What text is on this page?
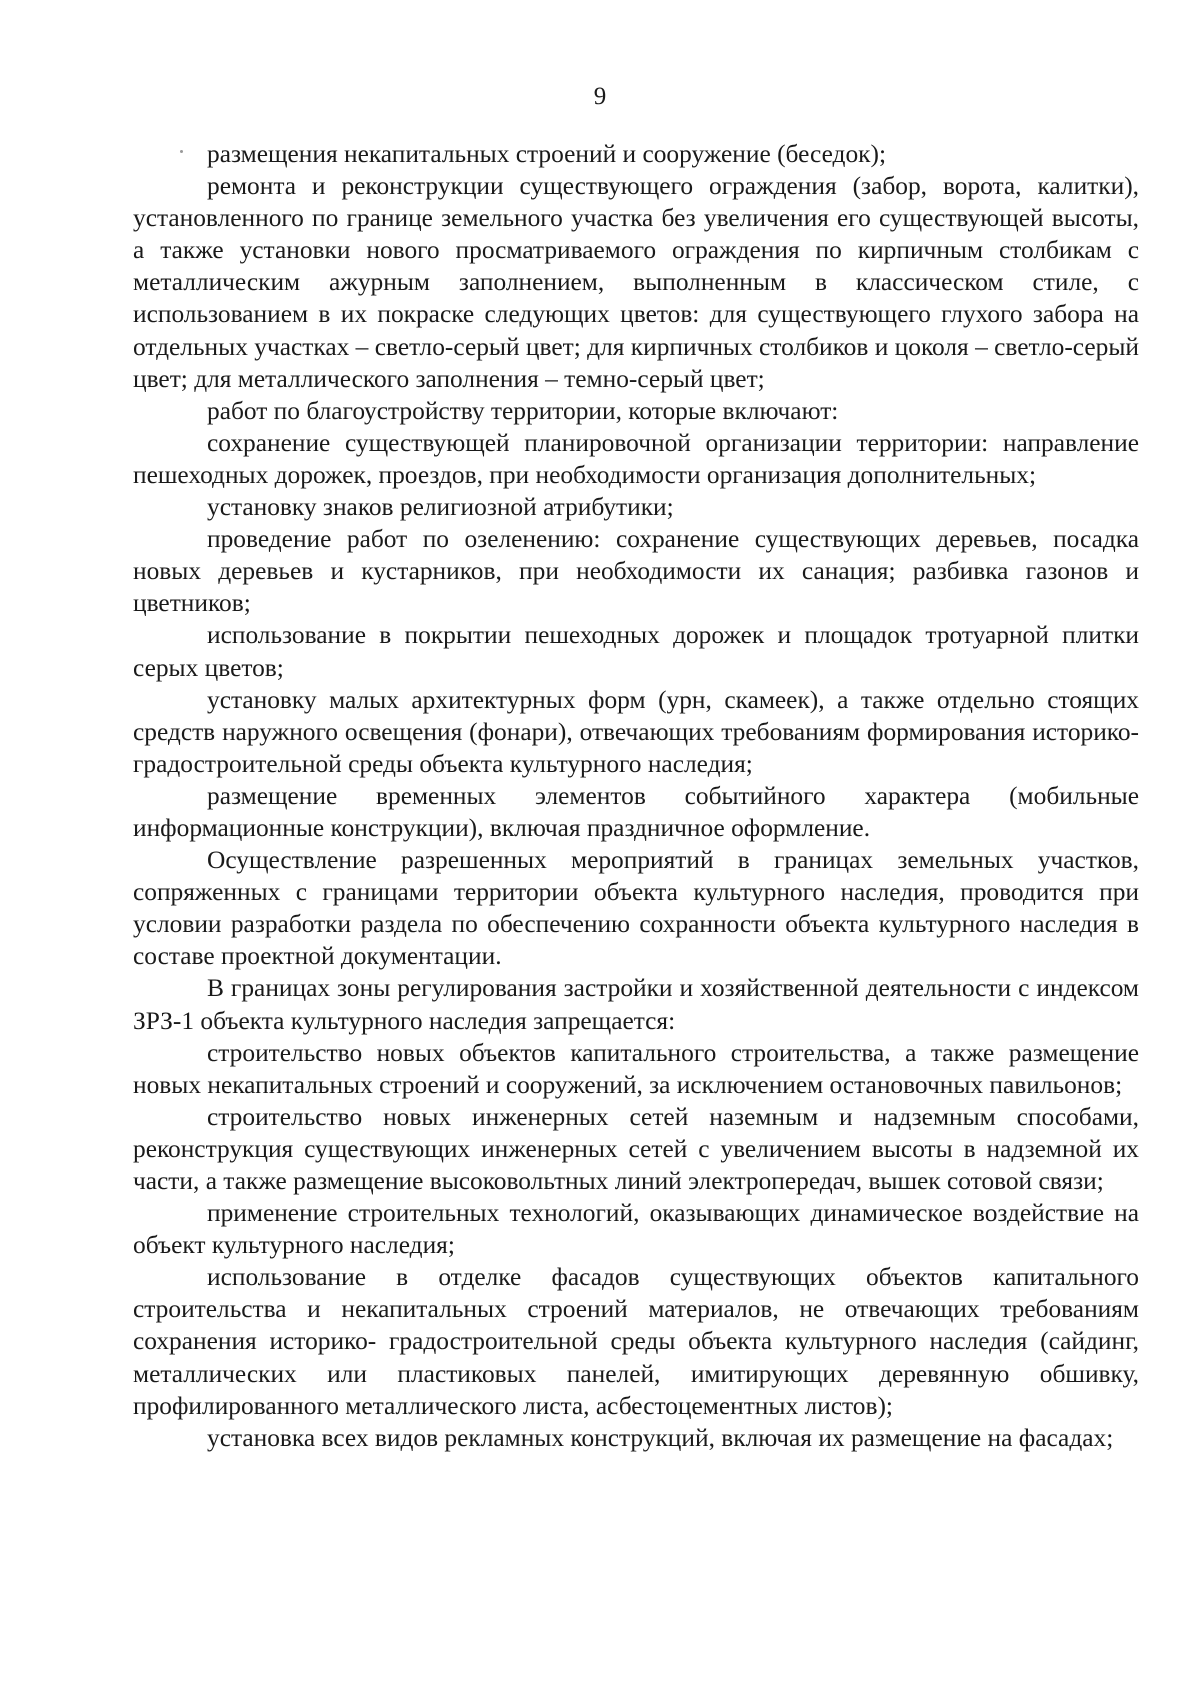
9

размещения некапитальных строений и сооружение (беседок);

ремонта и реконструкции существующего ограждения (забор, ворота, калитки), установленного по границе земельного участка без увеличения его существующей высоты, а также установки нового просматриваемого ограждения по кирпичным столбикам с металлическим ажурным заполнением, выполненным в классическом стиле, с использованием в их покраске следующих цветов: для существующего глухого забора на отдельных участках – светло-серый цвет; для кирпичных столбиков и цоколя – светло-серый цвет; для металлического заполнения – темно-серый цвет;

работ по благоустройству территории, которые включают:

сохранение существующей планировочной организации территории: направление пешеходных дорожек, проездов, при необходимости организация дополнительных;

установку знаков религиозной атрибутики;

проведение работ по озеленению: сохранение существующих деревьев, посадка новых деревьев и кустарников, при необходимости их санация; разбивка газонов и цветников;

использование в покрытии пешеходных дорожек и площадок тротуарной плитки серых цветов;

установку малых архитектурных форм (урн, скамеек), а также отдельно стоящих средств наружного освещения (фонари), отвечающих требованиям формирования историко-градостроительной среды объекта культурного наследия;

размещение временных элементов событийного характера (мобильные информационные конструкции), включая праздничное оформление.

Осуществление разрешенных мероприятий в границах земельных участков, сопряженных с границами территории объекта культурного наследия, проводится при условии разработки раздела по обеспечению сохранности объекта культурного наследия в составе проектной документации.

В границах зоны регулирования застройки и хозяйственной деятельности с индексом ЗРЗ-1 объекта культурного наследия запрещается:

строительство новых объектов капитального строительства, а также размещение новых некапитальных строений и сооружений, за исключением остановочных павильонов;

строительство новых инженерных сетей наземным и надземным способами, реконструкция существующих инженерных сетей с увеличением высоты в надземной их части, а также размещение высоковольтных линий электропередач, вышек сотовой связи;

применение строительных технологий, оказывающих динамическое воздействие на объект культурного наследия;

использование в отделке фасадов существующих объектов капитального строительства и некапитальных строений материалов, не отвечающих требованиям сохранения историко- градостроительной среды объекта культурного наследия (сайдинг, металлических или пластиковых панелей, имитирующих деревянную обшивку, профилированного металлического листа, асбестоцементных листов);

установка всех видов рекламных конструкций, включая их размещение на фасадах;
